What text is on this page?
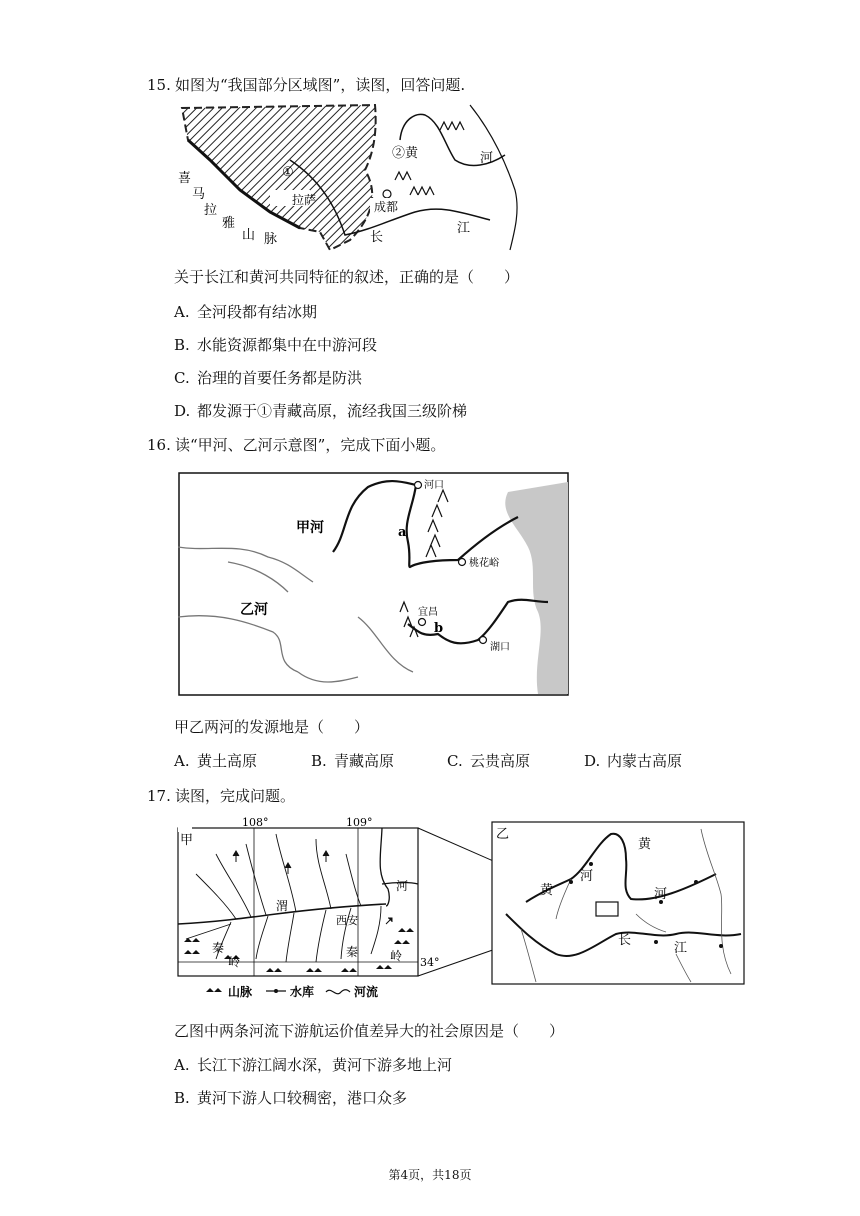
15. 如图为“我国部分区域图”，读图，回答问题.
①
拉萨	成都
②黄	河
长
江
喜
马
拉
雅
山 脉
关于长江和黄河共同特征的叙述，正确的是（　　）
A. 全河段都有结冰期
B. 水能资源都集中在中游河段
C. 治理的首要任务都是防洪
D. 都发源于①青藏高原，流经我国三级阶梯
16. 读“甲河、乙河示意图”，完成下面小题。
甲河
乙河
河口
a
桃花峪
宜昌
b
湖口
甲乙两河的发源地是（　　）
A. 黄土高原	B. 青藏高原	C. 云贵高原	D. 内蒙古高原
17. 读图，完成问题。
甲
108°	109°
34°
河
渭
西安
秦
岭
秦	岭
山脉	水库	河流
乙
黄
河
黄	河
长
江
乙图中两条河流下游航运价值差异大的社会原因是（　　）
A. 长江下游江阔水深，黄河下游多地上河
B. 黄河下游人口较稠密，港口众多
第4页，共18页
